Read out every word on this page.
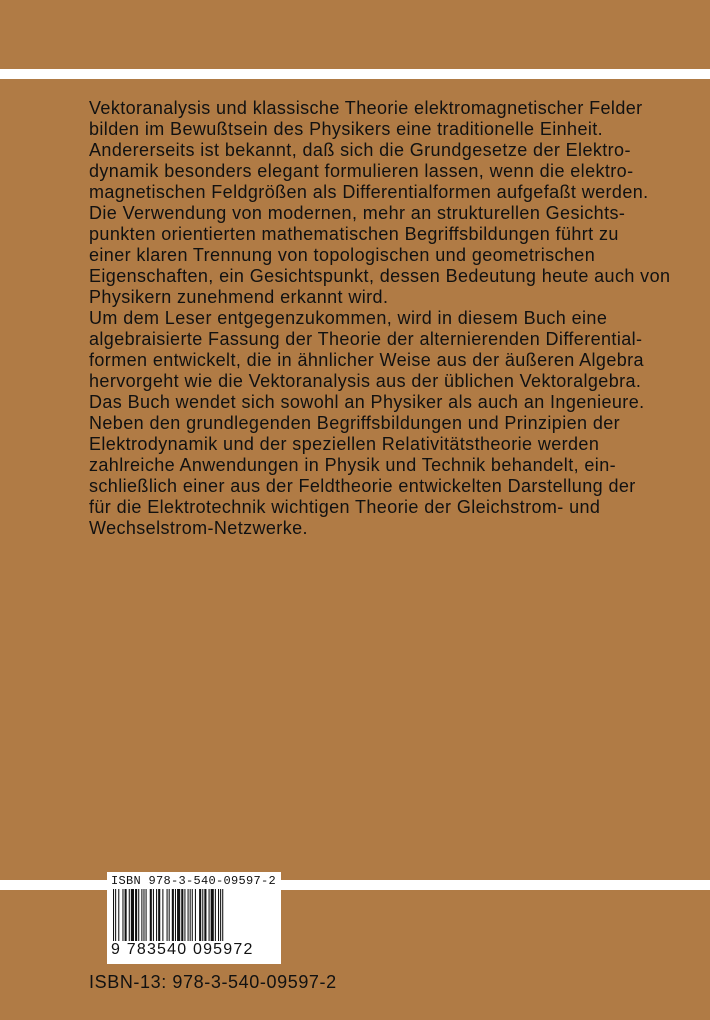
Vektoranalysis und klassische Theorie elektromagnetischer Felder
bilden im Bewußtsein des Physikers eine traditionelle Einheit.
Andererseits ist bekannt, daß sich die Grundgesetze der Elektro-
dynamik besonders elegant formulieren lassen, wenn die elektro-
magnetischen Feldgrößen als Differentialformen aufgefaßt werden.
Die Verwendung von modernen, mehr an strukturellen Gesichts-
punkten orientierten mathematischen Begriffsbildungen führt zu
einer klaren Trennung von topologischen und geometrischen
Eigenschaften, ein Gesichtspunkt, dessen Bedeutung heute auch von
Physikern zunehmend erkannt wird.
Um dem Leser entgegenzukommen, wird in diesem Buch eine
algebraisierte Fassung der Theorie der alternierenden Differential-
formen entwickelt, die in ähnlicher Weise aus der äußeren Algebra
hervorgeht wie die Vektoranalysis aus der üblichen Vektoralgebra.
Das Buch wendet sich sowohl an Physiker als auch an Ingenieure.
Neben den grundlegenden Begriffsbildungen und Prinzipien der
Elektrodynamik und der speziellen Relativitätstheorie werden
zahlreiche Anwendungen in Physik und Technik behandelt, ein-
schließlich einer aus der Feldtheorie entwickelten Darstellung der
für die Elektrotechnik wichtigen Theorie der Gleichstrom- und
Wechselstrom-Netzwerke.
ISBN 978-3-540-09597-2
9 783540 095972
ISBN-13: 978-3-540-09597-2
